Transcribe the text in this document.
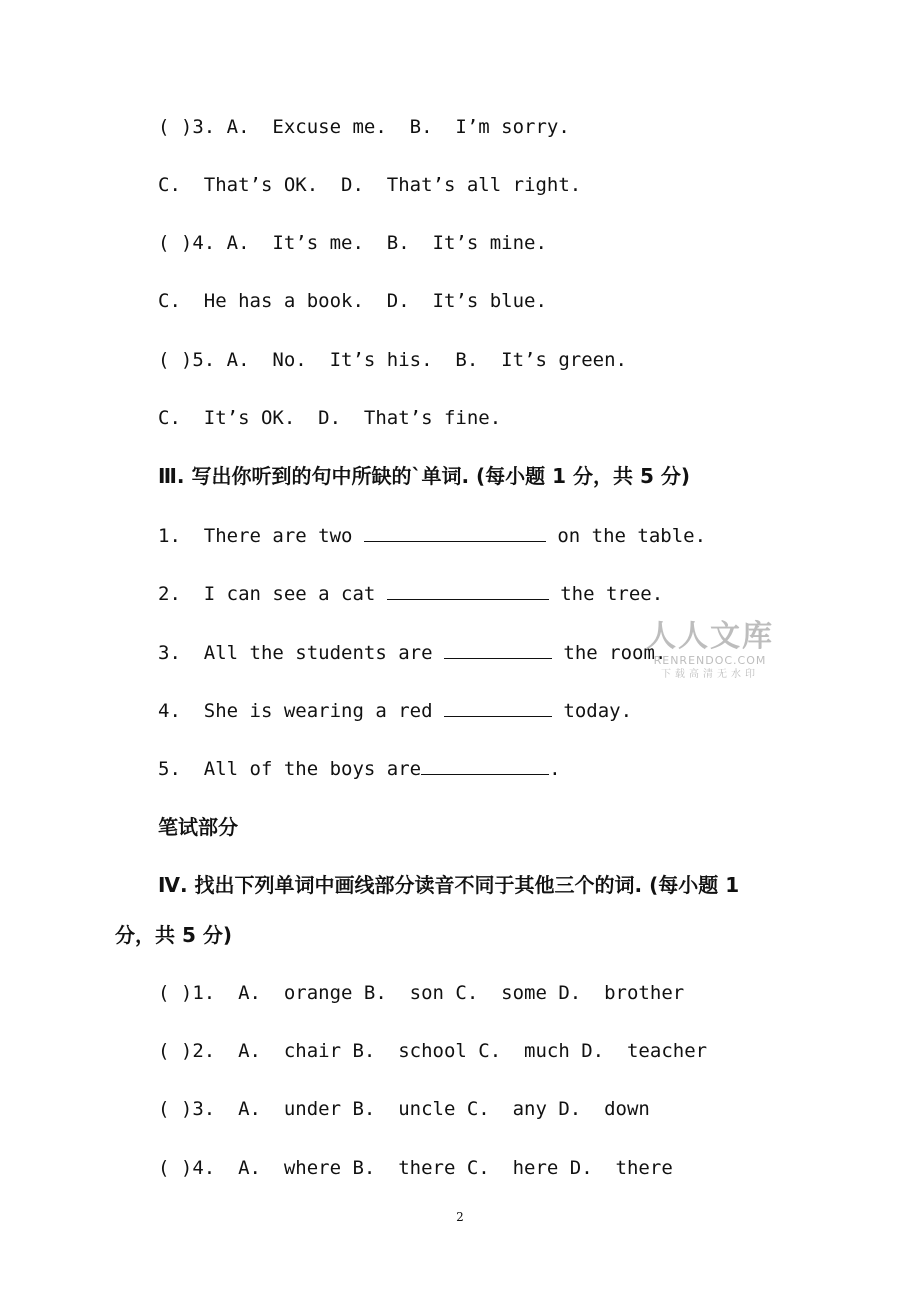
( )3. A.  Excuse me.  B.  I’m sorry.
C.  That’s OK.  D.  That’s all right.
( )4. A.  It’s me.  B.  It’s mine.
C.  He has a book.  D.  It’s blue.
( )5. A.  No.  It’s his.  B.  It’s green.
C.  It’s OK.  D.  That’s fine.
Ⅲ. 写出你听到的句中所缺的`单词. (每小题 1 分，共 5 分)
1.  There are two	on the table.
2.  I can see a cat	the tree.
3.  All the students are	the room.
4.  She is wearing a red	today.
5.  All of the boys are	.
笔试部分
Ⅳ. 找出下列单词中画线部分读音不同于其他三个的词. (每小题 1
分，共 5 分)
( )1.  A.  orange B.  son C.  some D.  brother
( )2.  A.  chair B.  school C.  much D.  teacher
( )3.  A.  under B.  uncle C.  any D.  down
( )4.  A.  where B.  there C.  here D.  there
2
人人文库
RENRENDOC.COM
下载高清无水印
